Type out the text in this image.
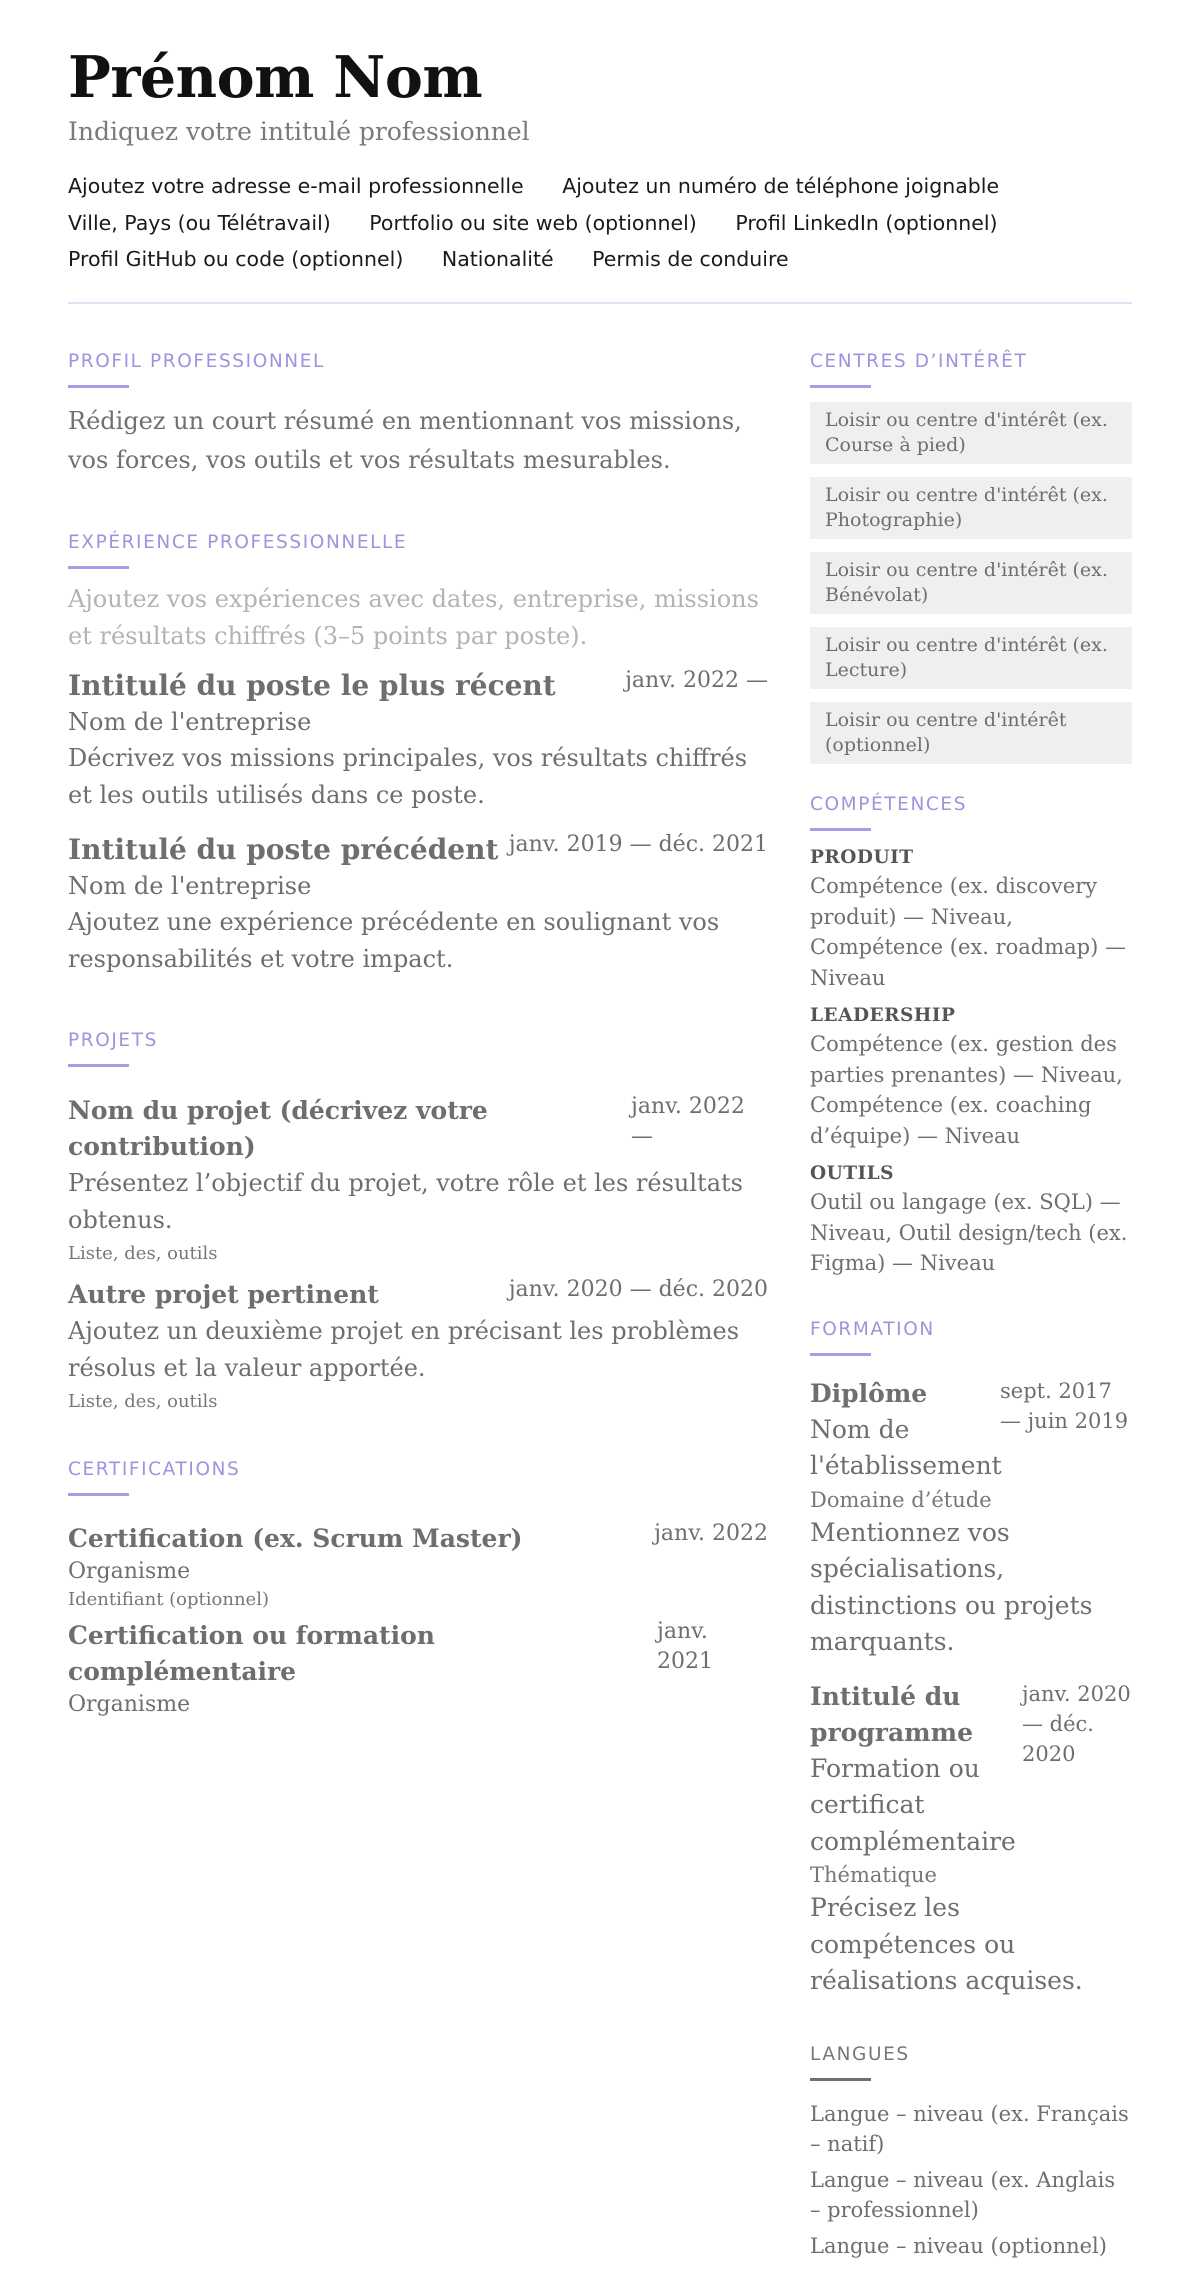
Prénom Nom
Indiquez votre intitulé professionnel
Ajoutez votre adresse e-mail professionnelle Ajoutez un numéro de téléphone joignable
Ville, Pays (ou Télétravail) Portfolio ou site web (optionnel) Profil LinkedIn (optionnel)
Profil GitHub ou code (optionnel) Nationalité Permis de conduire
PROFIL PROFESSIONNEL

Rédigez un court résumé en mentionnant vos missions, vos forces, vos outils et vos résultats mesurables.

EXPÉRIENCE PROFESSIONNELLE

Ajoutez vos expériences avec dates, entreprise, missions et résultats chiffrés (3–5 points par poste).

Intitulé du poste le plus récent	janv. 2022 —
Nom de l'entreprise

Décrivez vos missions principales, vos résultats chiffrés et les outils utilisés dans ce poste.

Intitulé du poste précédent janv. 2019 — déc. 2021
Nom de l'entreprise

Ajoutez une expérience précédente en soulignant vos responsabilités et votre impact.

PROJETS
Nom du projet (décrivez votre contribution)
janv. 2022 —

Présentez l’objectif du projet, votre rôle et les résultats obtenus.

Liste, des, outils
Autre projet pertinent	janv. 2020 — déc. 2020

Ajoutez un deuxième projet en précisant les problèmes résolus et la valeur apportée.

Liste, des, outils
CERTIFICATIONS
Certification (ex. Scrum Master)	janv. 2022
Organisme
Identifiant (optionnel)
Certification ou formation complémentaire
janv. 2021
Organisme
CENTRES D’INTÉRÊT
Loisir ou centre d'intérêt (ex. Course à pied)
Loisir ou centre d'intérêt (ex. Photographie)
Loisir ou centre d'intérêt (ex. Bénévolat)
Loisir ou centre d'intérêt (ex. Lecture)
Loisir ou centre d'intérêt (optionnel)
COMPÉTENCES
PRODUIT
Compétence (ex. discovery produit) — Niveau, Compétence (ex. roadmap) — Niveau
LEADERSHIP
Compétence (ex. gestion des parties prenantes) — Niveau, Compétence (ex. coaching d’équipe) — Niveau
OUTILS
Outil ou langage (ex. SQL) — Niveau, Outil design/tech (ex. Figma) — Niveau
FORMATION
Diplôme
Nom de l'établissement
sept. 2017 — juin 2019
Domaine d’étude

Mentionnez vos spécialisations, distinctions ou projets marquants.

Intitulé du programme
Formation ou certificat complémentaire
janv. 2020 — déc. 2020
Thématique

Précisez les compétences ou réalisations acquises.

LANGUES
Langue – niveau (ex. Français – natif)
Langue – niveau (ex. Anglais – professionnel)
Langue – niveau (optionnel)
